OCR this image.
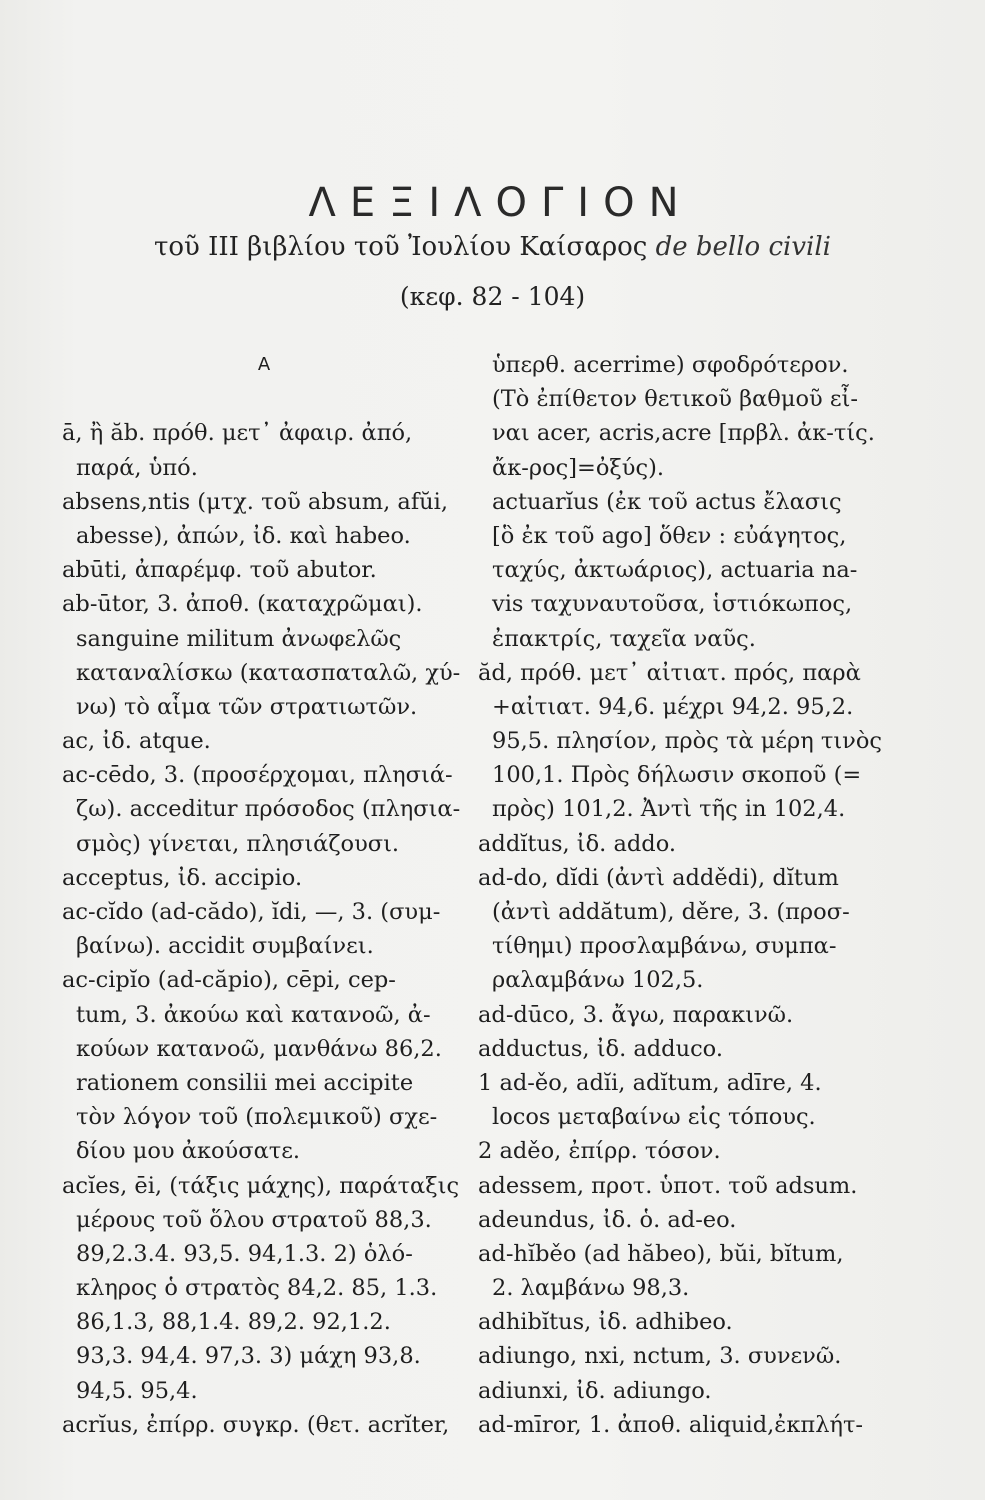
ΛΕΞΙΛΟΓΙΟΝ
τοῦ III βιβλίου τοῦ Ἰουλίου Καίσαρος de bello civili
(κεφ. 82 - 104)
A
ā, ἢ ăb. πρόθ. μετ᾽ ἀφαιρ. ἀπό,
παρά, ὑπό.
absens,ntis (μτχ. τοῦ absum, afŭi,
abesse), ἀπών, ἰδ. καὶ habeo.
abūti, ἀπαρέμφ. τοῦ abutor.
ab-ūtor, 3. ἀποθ. (καταχρῶμαι).
sanguine militum ἀνωφελῶς
καταναλίσκω (κατασπαταλῶ, χύ-
νω) τὸ αἷμα τῶν στρατιωτῶν.
ac, ἰδ. atque.
ac-cēdo, 3. (προσέρχομαι, πλησιά-
ζω). acceditur πρόσοδος (πλησια-
σμὸς) γίνεται, πλησιάζουσι.
acceptus, ἰδ. accipio.
ac-cĭdo (ad-cădo), ĭdi, —, 3. (συμ-
βαίνω). accidit συμβαίνει.
ac-cipĭo (ad-căpio), cēpi, cep-
tum, 3. ἀκούω καὶ κατανοῶ, ἀ-
κούων κατανοῶ, μανθάνω 86,2.
rationem consilii mei accipite
τὸν λόγον τοῦ (πολεμικοῦ) σχε-
δίου μου ἀκούσατε.
acĭes, ēi, (τάξις μάχης), παράταξις
μέρους τοῦ ὅλου στρατοῦ 88,3.
89,2.3.4. 93,5. 94,1.3. 2) ὁλό-
κληρος ὁ στρατὸς 84,2. 85, 1.3.
86,1.3, 88,1.4. 89,2. 92,1.2.
93,3. 94,4. 97,3. 3) μάχη 93,8.
94,5. 95,4.
acrĭus, ἐπίρρ. συγκρ. (θετ. acrĭter,
ὑπερθ. acerrime) σφοδρότερον.
(Τὸ ἐπίθετον θετικοῦ βαθμοῦ εἶ-
ναι acer, acris,acre [πρβλ. ἀκ-τίς.
ἄκ-ρος]=ὀξύς).
actuarĭus (ἐκ τοῦ actus ἔλασις
[ὃ ἐκ τοῦ ago] ὅθεν : εὐάγητος,
ταχύς, ἀκτωάριος), actuaria na-
vis ταχυναυτοῦσα, ἱστιόκωπος,
ἐπακτρίς, ταχεῖα ναῦς.
ăd, πρόθ. μετ᾽ αἰτιατ. πρός, παρὰ
+αἰτιατ. 94,6. μέχρι 94,2. 95,2.
95,5. πλησίον, πρὸς τὰ μέρη τινὸς
100,1. Πρὸς δήλωσιν σκοποῦ (=
πρὸς) 101,2. Ἀντὶ τῆς in 102,4.
addĭtus, ἰδ. addo.
ad-do, dĭdi (ἀντὶ addědi), dĭtum
(ἀντὶ addătum), děre, 3. (προσ-
τίθημι) προσλαμβάνω, συμπα-
ραλαμβάνω 102,5.
ad-dūco, 3. ἄγω, παρακινῶ.
adductus, ἰδ. adduco.
1 ad-ěo, adĭi, adĭtum, adīre, 4.
locos μεταβαίνω εἰς τόπους.
2 aděo, ἐπίρρ. τόσον.
adessem, προτ. ὑποτ. τοῦ adsum.
adeundus, ἰδ. ὁ. ad-eo.
ad-hĭběo (ad hăbeo), bŭi, bĭtum,
2. λαμβάνω 98,3.
adhibĭtus, ἰδ. adhibeo.
adiungo, nxi, nctum, 3. συνενῶ.
adiunxi, ἰδ. adiungo.
ad-mīror, 1. ἀποθ. aliquid,ἐκπλήτ-
